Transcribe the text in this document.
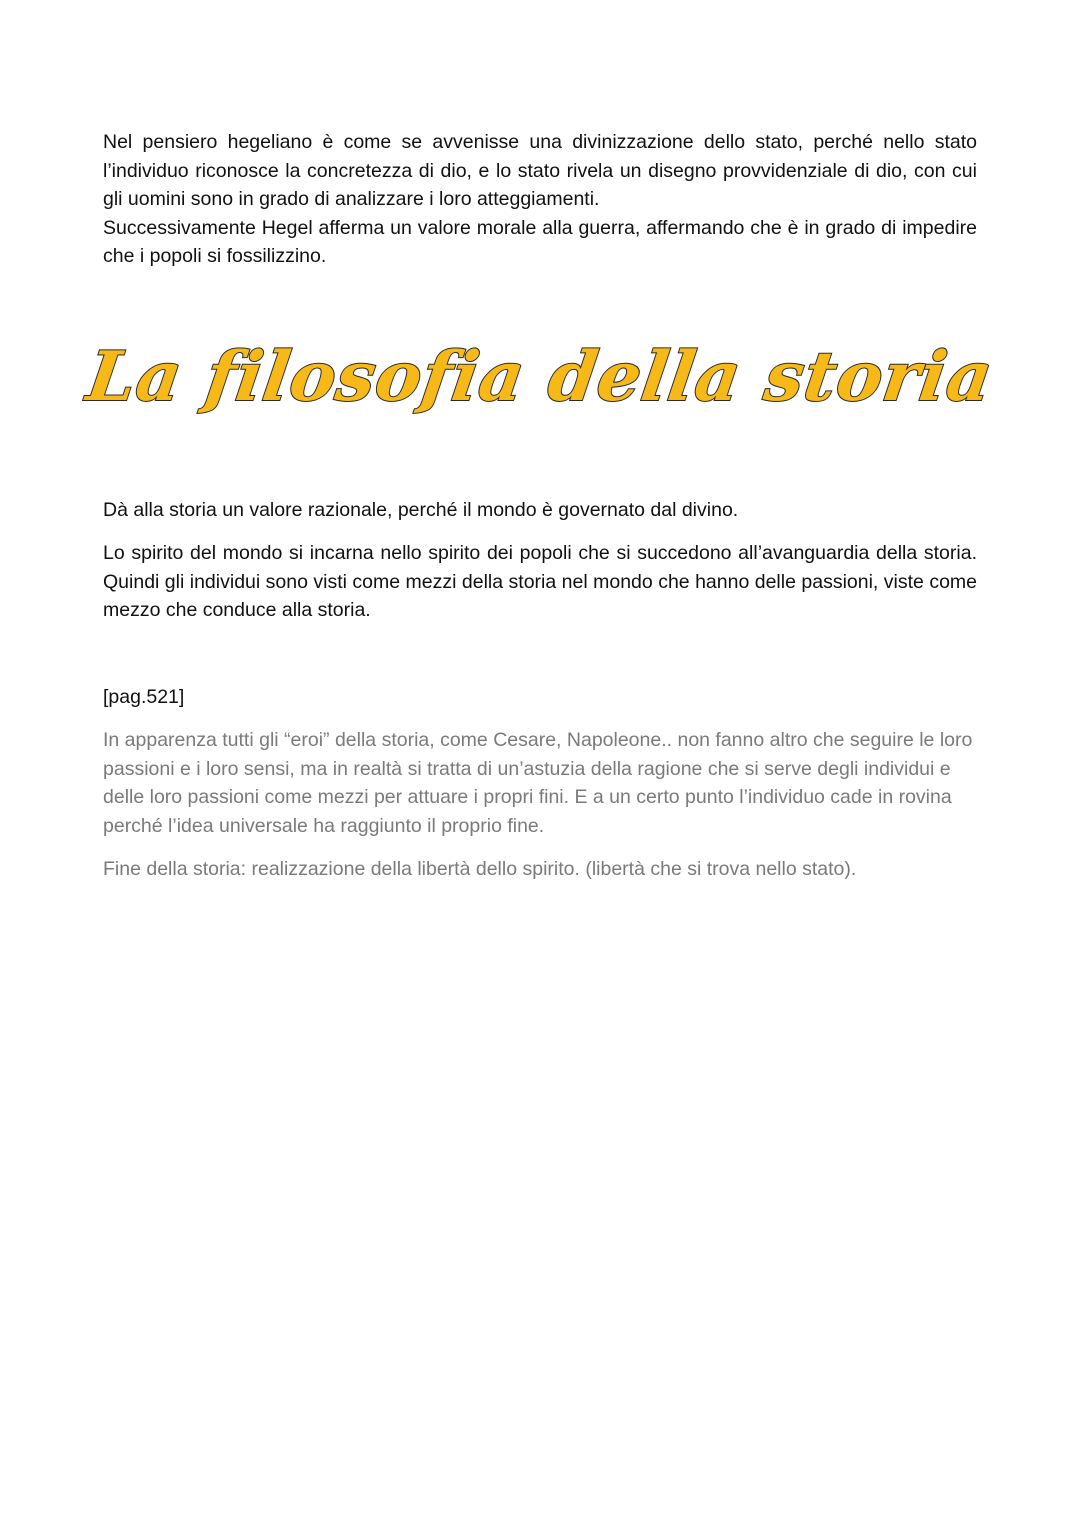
Nel pensiero hegeliano è come se avvenisse una divinizzazione dello stato, perché nello stato l’individuo riconosce la concretezza di dio, e lo stato rivela un disegno provvidenziale di dio, con cui gli uomini sono in grado di analizzare i loro atteggiamenti.

Successivamente Hegel afferma un valore morale alla guerra, affermando che è in grado di impedire che i popoli si fossilizzino.

La filosofia della storia

Dà alla storia un valore razionale, perché il mondo è governato dal divino.

Lo spirito del mondo si incarna nello spirito dei popoli che si succedono all’avanguardia della storia. Quindi gli individui sono visti come mezzi della storia nel mondo che hanno delle passioni, viste come mezzo che conduce alla storia.

[pag.521]

In apparenza tutti gli “eroi” della storia, come Cesare, Napoleone.. non fanno altro che seguire le loro passioni e i loro sensi, ma in realtà si tratta di un’astuzia della ragione che si serve degli individui e delle loro passioni come mezzi per attuare i propri fini. E a un certo punto l’individuo cade in rovina perché l’idea universale ha raggiunto il proprio fine.

Fine della storia: realizzazione della libertà dello spirito. (libertà che si trova nello stato).
